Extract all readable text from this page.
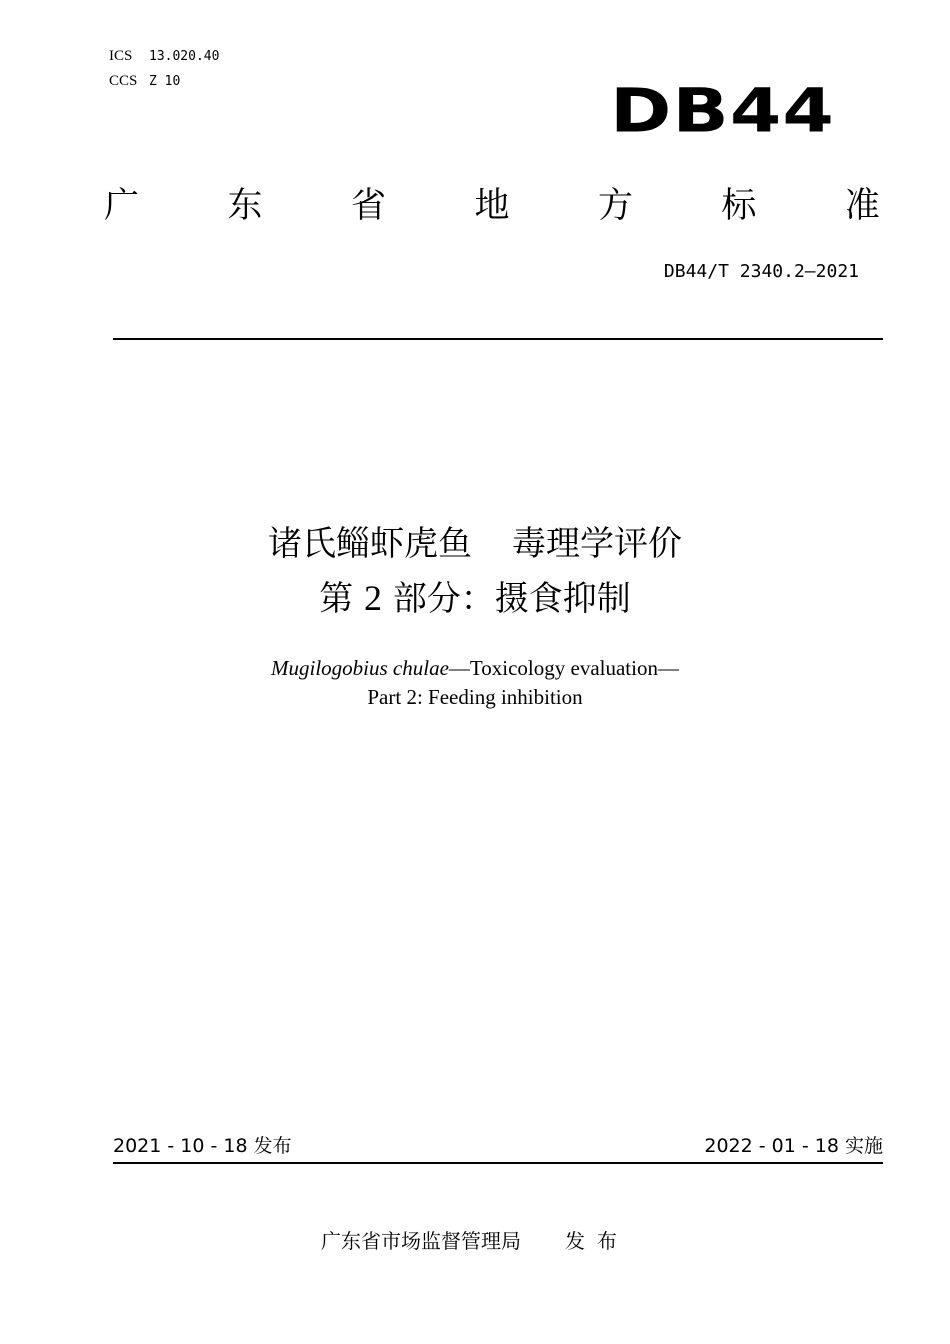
ICS	13.020.40
CCS Z 10	DB44
广	东	省	地	方	标	准
DB44/T 2340.2—2021
诸氏鲻虾虎鱼 毒理学评价
第 2 部分：摄食抑制
Mugilogobius chulae—Toxicology evaluation—
Part 2: Feeding inhibition
2021 - 10 - 18 发布	2022 - 01 - 18 实施
广东省市场监督管理局 发布
